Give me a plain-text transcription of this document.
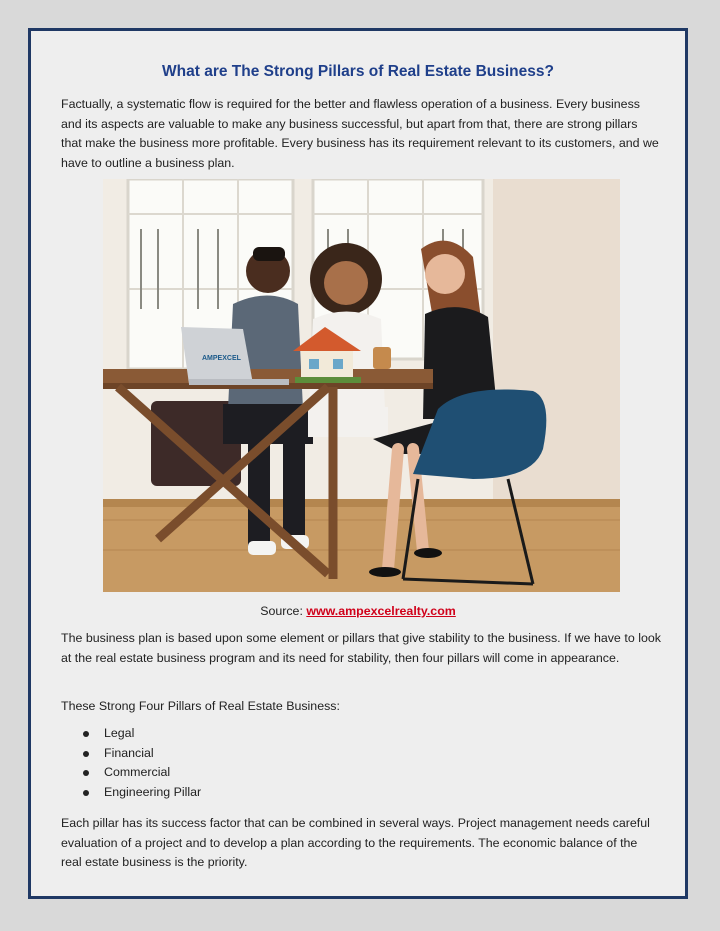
What are The Strong Pillars of Real Estate Business?

Factually, a systematic flow is required for the better and flawless operation of a business. Every business and its aspects are valuable to make any business successful, but apart from that, there are strong pillars that make the business more profitable. Every business has its requirement relevant to its customers, and we have to outline a business plan.

AMPEXCEL
Source: www.ampexcelrealty.com

The business plan is based upon some element or pillars that give stability to the business. If we have to look at the real estate business program and its need for stability, then four pillars will come in appearance.

These Strong Four Pillars of Real Estate Business:

Legal
Financial
Commercial
Engineering Pillar

Each pillar has its success factor that can be combined in several ways. Project management needs careful evaluation of a project and to develop a plan according to the requirements. The economic balance of the real estate business is the priority.
